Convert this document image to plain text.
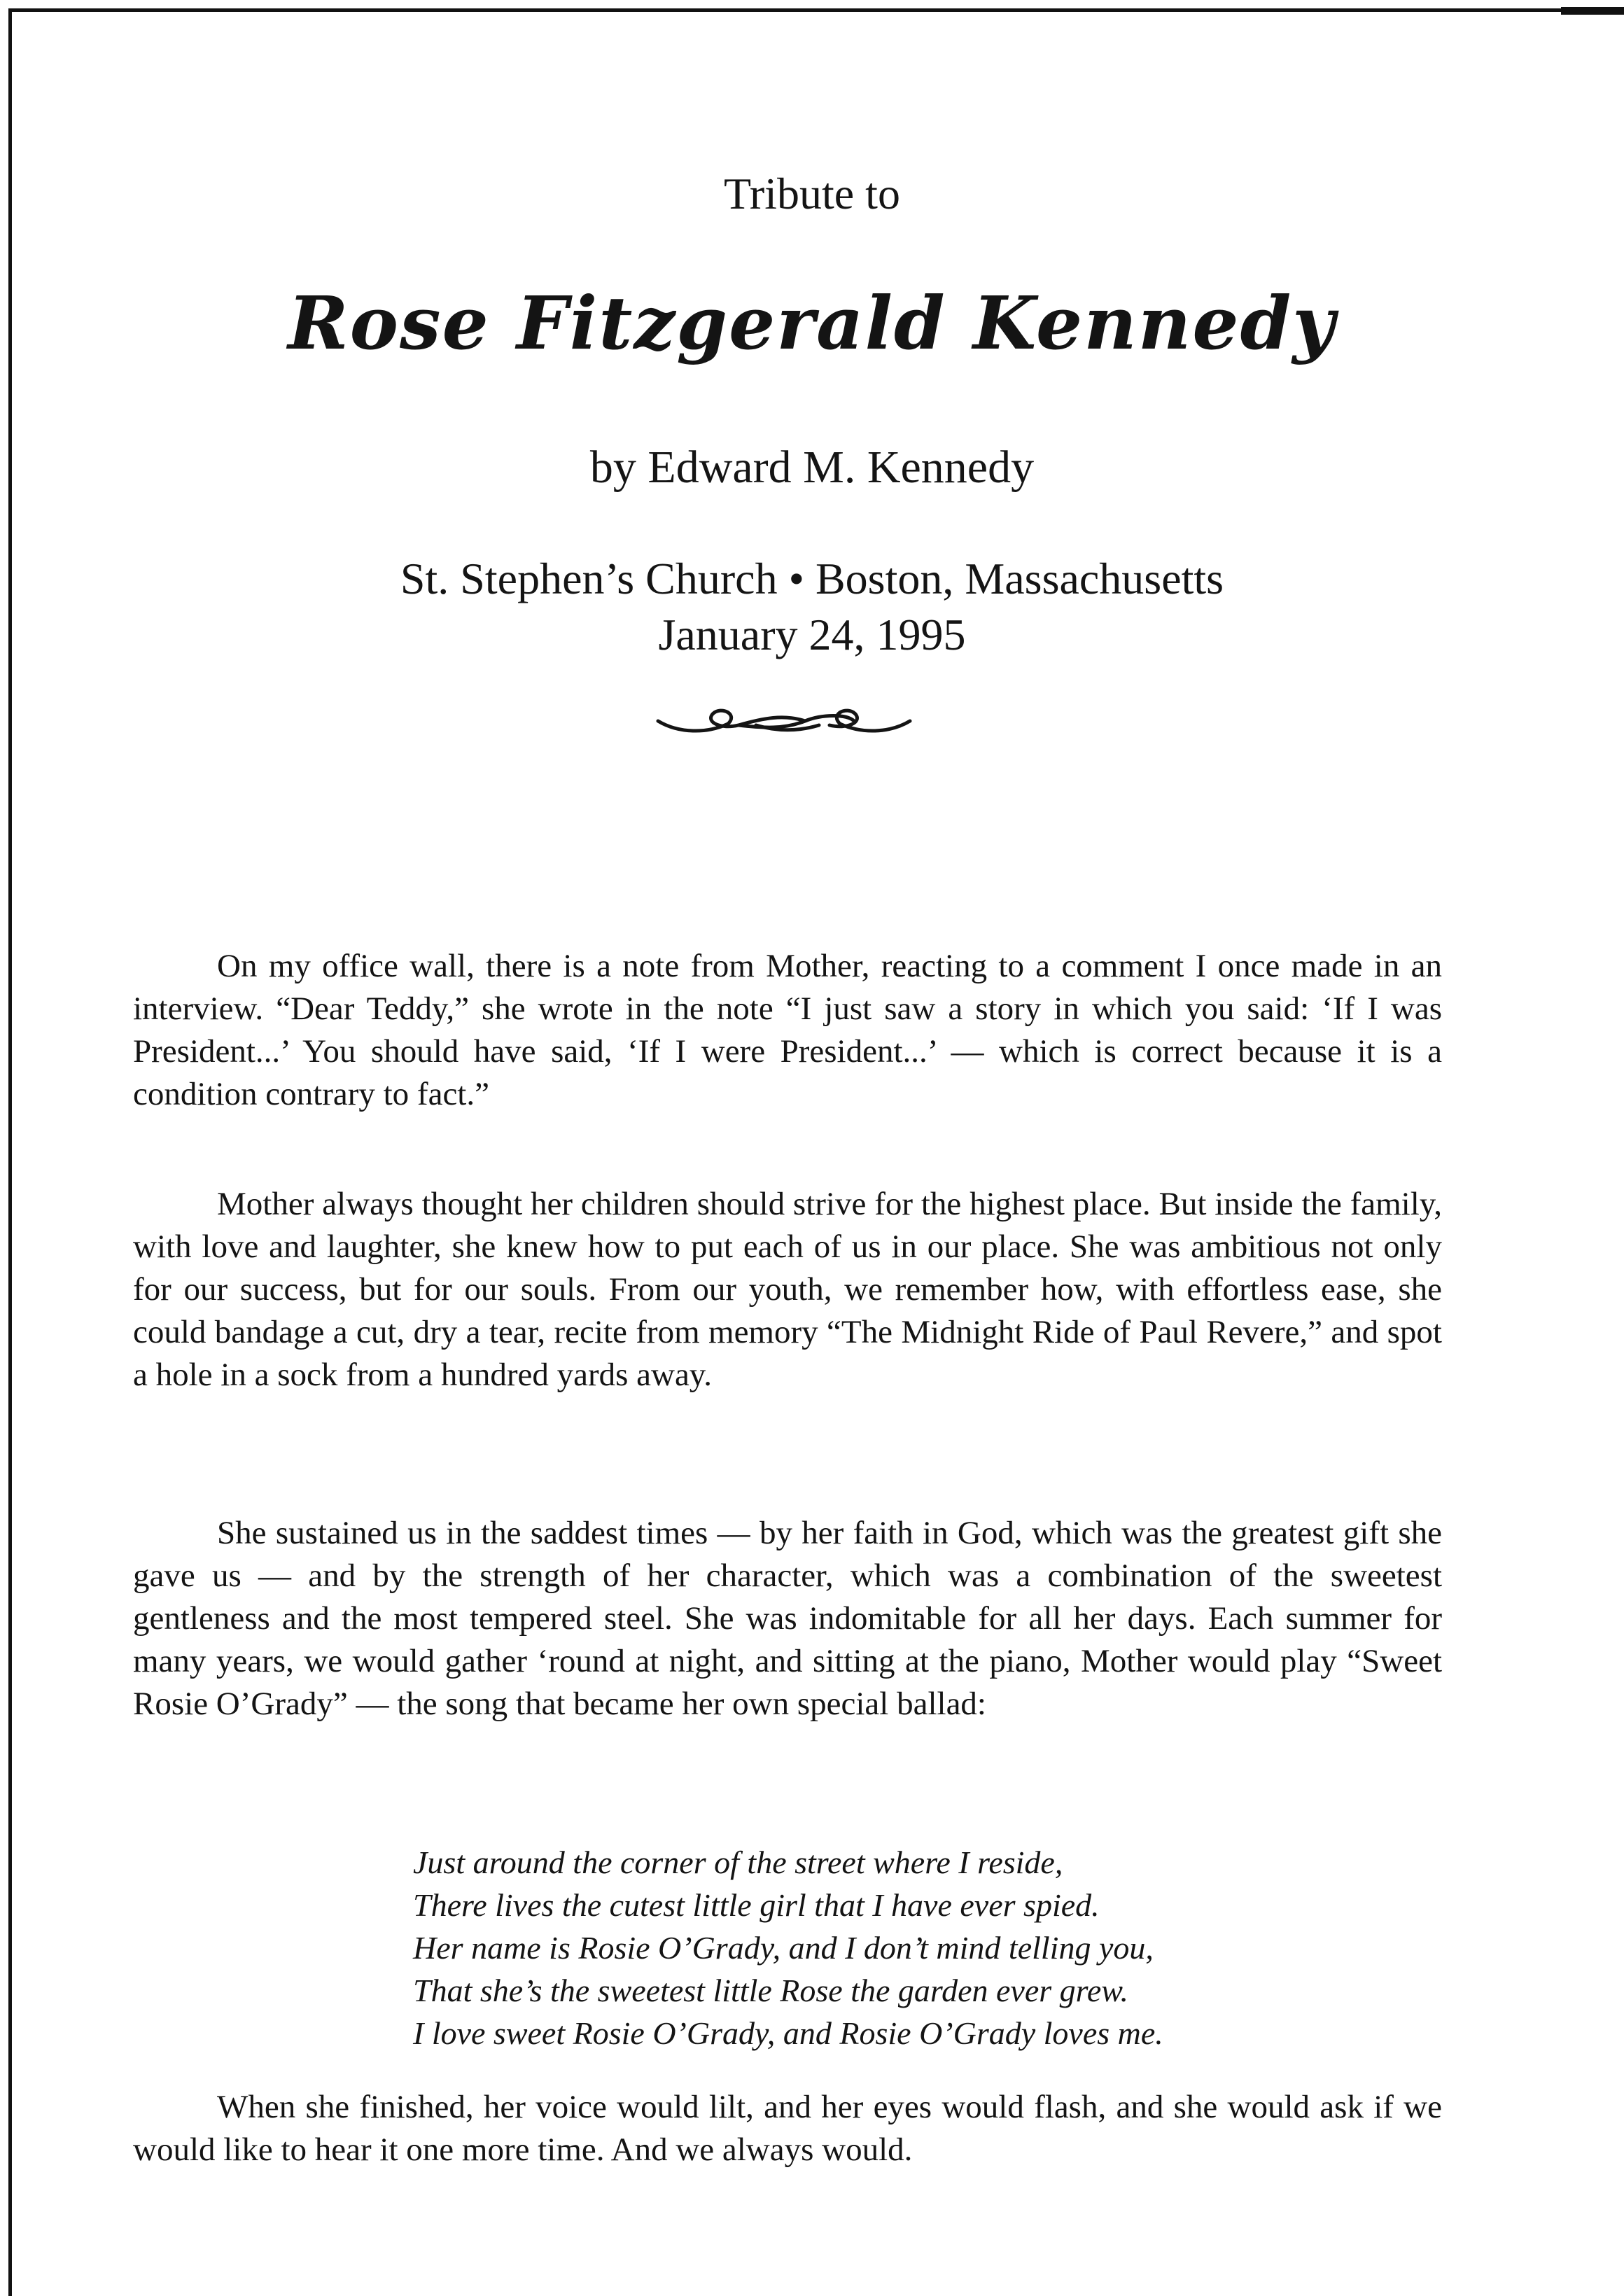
Tribute to
Rose Fitzgerald Kennedy
by Edward M. Kennedy
St. Stephen’s Church • Boston, Massachusetts
January 24, 1995

On my office wall, there is a note from Mother, reacting to a comment I once made in an interview. “Dear Teddy,” she wrote in the note “I just saw a story in which you said: ‘If I was President...’ You should have said, ‘If I were President...’ — which is correct because it is a condition contrary to fact.”

Mother always thought her children should strive for the highest place. But inside the family, with love and laughter, she knew how to put each of us in our place. She was ambitious not only for our success, but for our souls. From our youth, we remember how, with effortless ease, she could bandage a cut, dry a tear, recite from memory “The Midnight Ride of Paul Revere,” and spot a hole in a sock from a hundred yards away.

She sustained us in the saddest times — by her faith in God, which was the greatest gift she gave us — and by the strength of her character, which was a combination of the sweetest gentleness and the most tempered steel. She was indomitable for all her days. Each summer for many years, we would gather ‘round at night, and sitting at the piano, Mother would play “Sweet Rosie O’Grady” — the song that became her own special ballad:

Just around the corner of the street where I reside,
There lives the cutest little girl that I have ever spied.
Her name is Rosie O’Grady, and I don’t mind telling you,
That she’s the sweetest little Rose the garden ever grew.
I love sweet Rosie O’Grady, and Rosie O’Grady loves me.

When she finished, her voice would lilt, and her eyes would flash, and she would ask if we would like to hear it one more time. And we always would.
